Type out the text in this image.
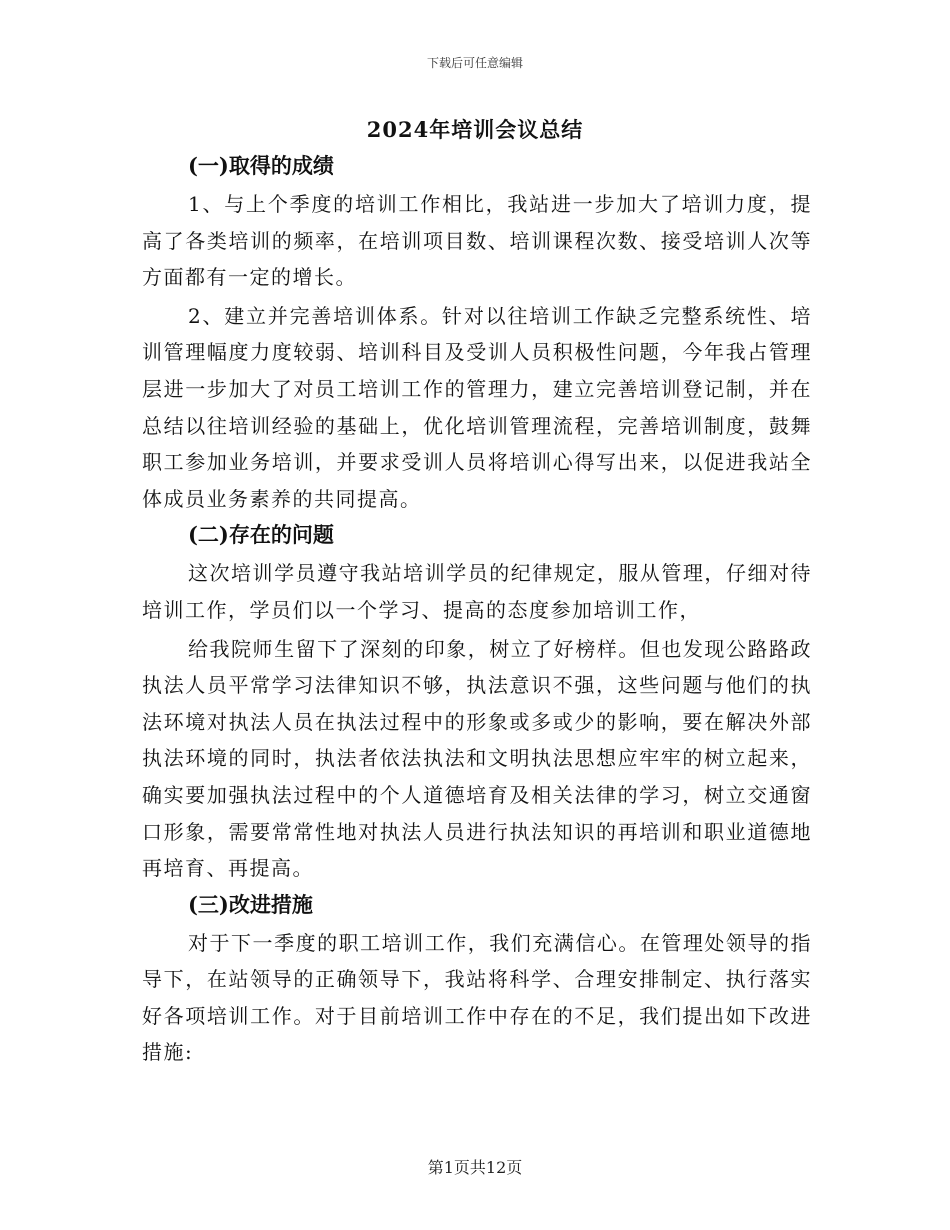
下载后可任意编辑
2024年培训会议总结
(一)取得的成绩

1、与上个季度的培训工作相比，我站进一步加大了培训力度，提高了各类培训的频率，在培训项目数、培训课程次数、接受培训人次等方面都有一定的增长。

2、建立并完善培训体系。针对以往培训工作缺乏完整系统性、培训管理幅度力度较弱、培训科目及受训人员积极性问题，今年我占管理层进一步加大了对员工培训工作的管理力，建立完善培训登记制，并在总结以往培训经验的基础上，优化培训管理流程，完善培训制度，鼓舞职工参加业务培训，并要求受训人员将培训心得写出来，以促进我站全体成员业务素养的共同提高。

(二)存在的问题

这次培训学员遵守我站培训学员的纪律规定，服从管理，仔细对待培训工作，学员们以一个学习、提高的态度参加培训工作，

给我院师生留下了深刻的印象，树立了好榜样。但也发现公路路政执法人员平常学习法律知识不够，执法意识不强，这些问题与他们的执法环境对执法人员在执法过程中的形象或多或少的影响，要在解决外部执法环境的同时，执法者依法执法和文明执法思想应牢牢的树立起来，确实要加强执法过程中的个人道德培育及相关法律的学习，树立交通窗口形象，需要常常性地对执法人员进行执法知识的再培训和职业道德地再培育、再提高。

(三)改进措施

对于下一季度的职工培训工作，我们充满信心。在管理处领导的指导下，在站领导的正确领导下，我站将科学、合理安排制定、执行落实好各项培训工作。对于目前培训工作中存在的不足，我们提出如下改进措施:

第1页共12页
